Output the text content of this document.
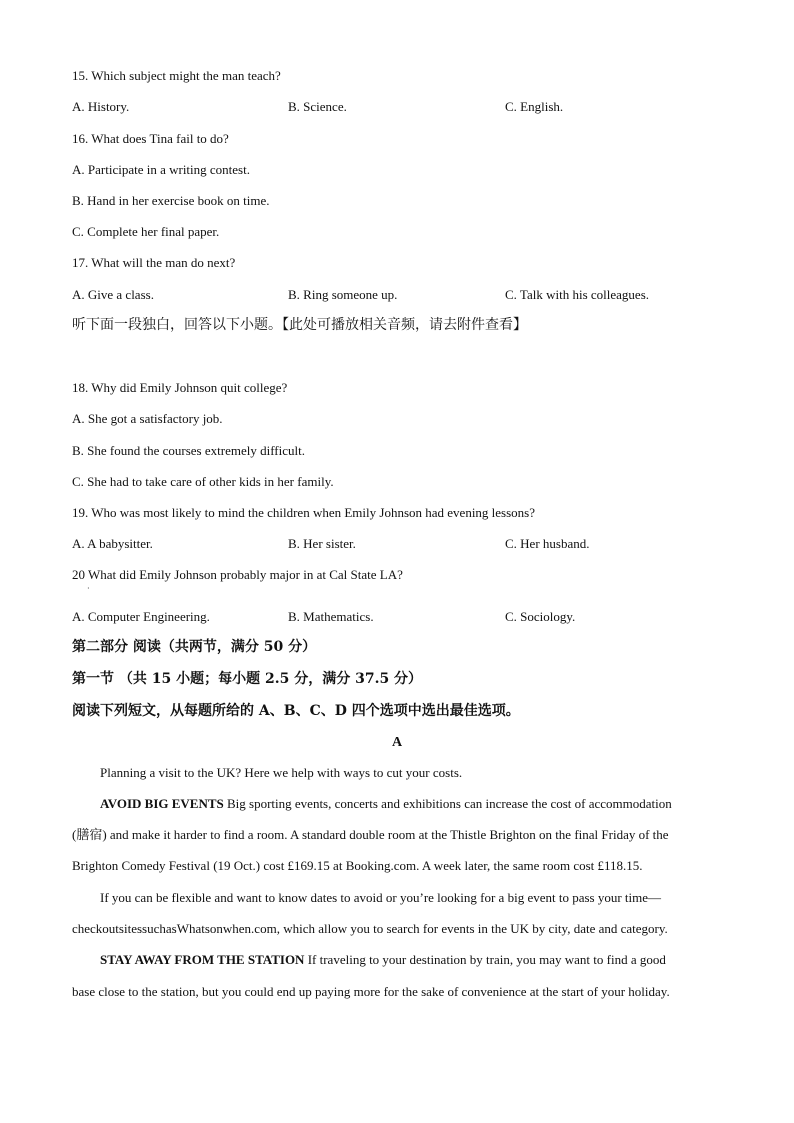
15. Which subject might the man teach?
A. History.	B. Science.	C. English.
16. What does Tina fail to do?
A. Participate in a writing contest.
B. Hand in her exercise book on time.
C. Complete her final paper.
17. What will the man do next?
A. Give a class.	B. Ring someone up.	C. Talk with his colleagues.
听下面一段独白，回答以下小题。【此处可播放相关音频，请去附件查看】
18. Why did Emily Johnson quit college?
A. She got a satisfactory job.
B. She found the courses extremely difficult.
C. She had to take care of other kids in her family.
19. Who was most likely to mind the children when Emily Johnson had evening lessons?
A. A babysitter.	B. Her sister.	C. Her husband.
20 What did Emily Johnson probably major in at Cal State LA?
·
A. Computer Engineering.	B. Mathematics.	C. Sociology.
第二部分 阅读（共两节，满分 50 分）
第一节 （共 15 小题；每小题 2.5 分，满分 37.5 分）
阅读下列短文，从每题所给的 A、B、C、D 四个选项中选出最佳选项。
A
Planning a visit to the UK? Here we help with ways to cut your costs.
AVOID BIG EVENTS Big sporting events, concerts and exhibitions can increase the cost of accommodation
(膳宿) and make it harder to find a room. A standard double room at the Thistle Brighton on the final Friday of the
Brighton Comedy Festival (19 Oct.) cost £169.15 at Booking.com. A week later, the same room cost £118.15.
If you can be flexible and want to know dates to avoid or you’re looking for a big event to pass your time—
checkoutsitessuchasWhatsonwhen.com, which allow you to search for events in the UK by city, date and category.
STAY AWAY FROM THE STATION If traveling to your destination by train, you may want to find a good
base close to the station, but you could end up paying more for the sake of convenience at the start of your holiday.
